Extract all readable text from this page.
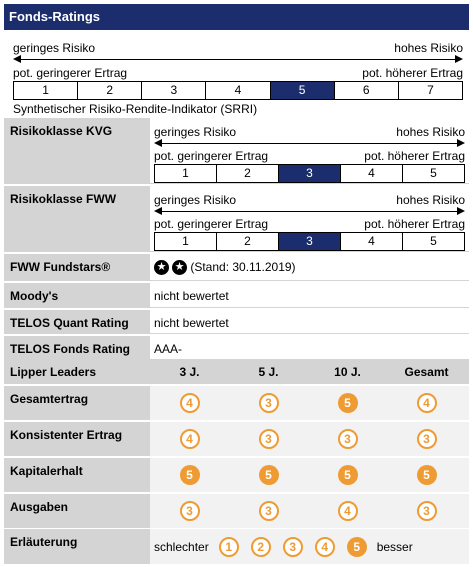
Fonds-Ratings
geringes Risiko	hohes Risiko
pot. geringerer Ertrag	pot. höherer Ertrag
1	2	3	4	5	6	7
Synthetischer Risiko-Rendite-Indikator (SRRI)
Risikoklasse KVG	geringes Risiko	hohes Risiko
pot. geringerer Ertrag	pot. höherer Ertrag
1	2	3	4	5
Risikoklasse FWW	geringes Risiko	hohes Risiko
pot. geringerer Ertrag	pot. höherer Ertrag
1	2	3	4	5
FWW Fundstars®	★ ★ (Stand: 30.11.2019)
Moody's	nicht bewertet
TELOS Quant Rating	nicht bewertet
TELOS Fonds Rating	AAA-
Lipper Leaders	3 J.	5 J.	10 J.	Gesamt
Gesamtertrag	4	3	5	4
Konsistenter Ertrag	4	3	3	3
Kapitalerhalt	5	5	5	5
Ausgaben	3	3	4	3
Erläuterung	schlechter	1	2	3	4	5	besser
